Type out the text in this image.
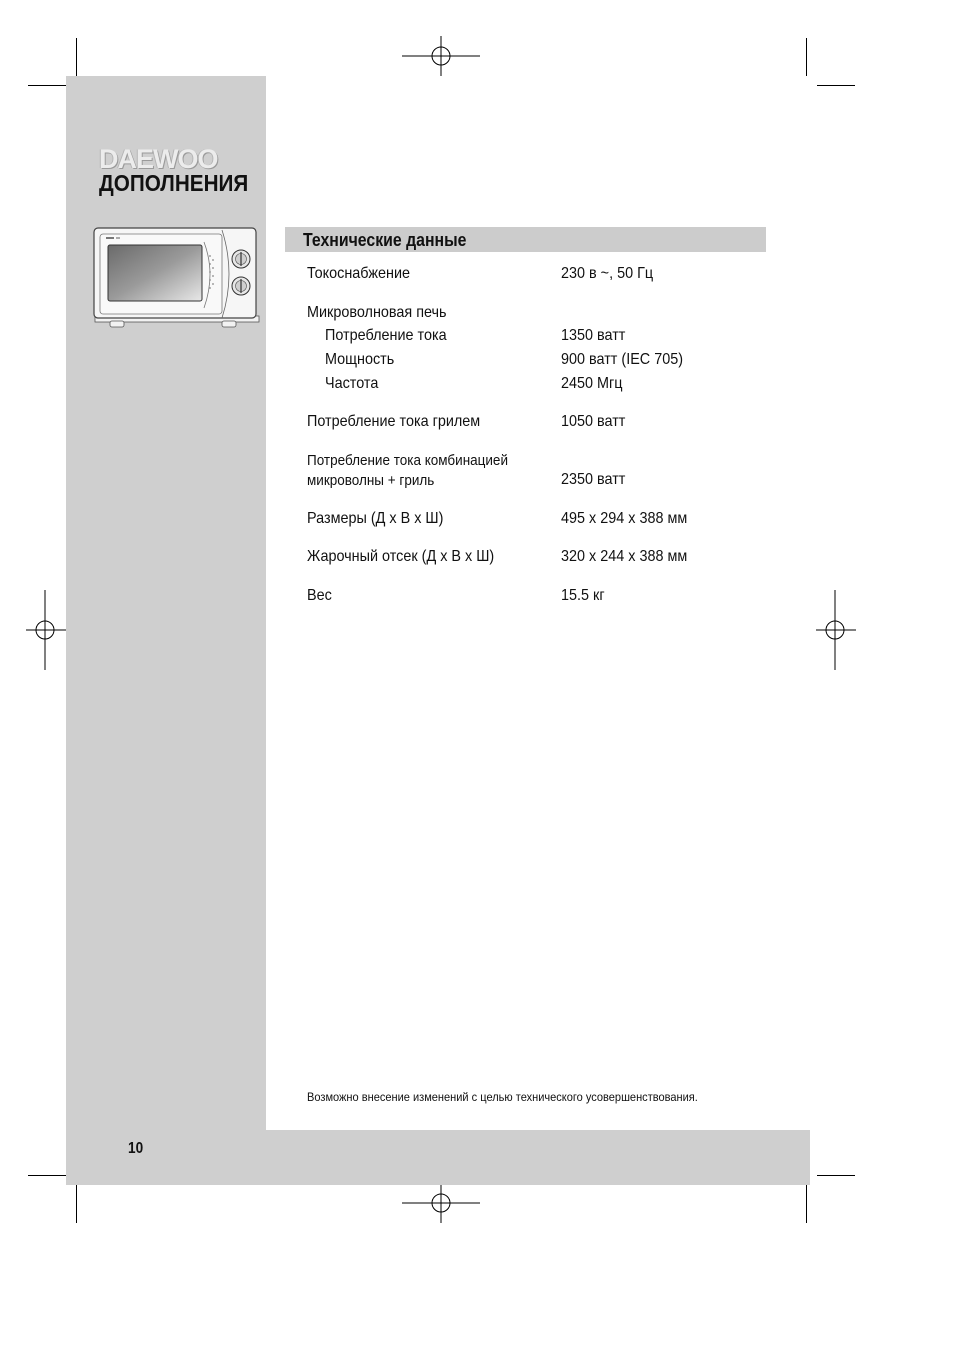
DAEWOO
ДОПОЛНЕНИЯ
Технические данные
Токоснабжение	230 в ~, 50 Гц
Микроволновая печь
Потребление тока	1350 ватт
Мощность	900 ватт (IEC 705)
Частота	2450 Мгц
Потребление тока грилем	1050 ватт
Потребление тока комбинацией
микроволны + гриль	2350 ватт
Размеры (Д х В х Ш)	495 х 294 х 388 мм
Жарочный отсек (Д х В х Ш)	320 х 244 х 388 мм
Вес	15.5 кг
Возможно внесение изменений с целью технического усовершенствования.
10
